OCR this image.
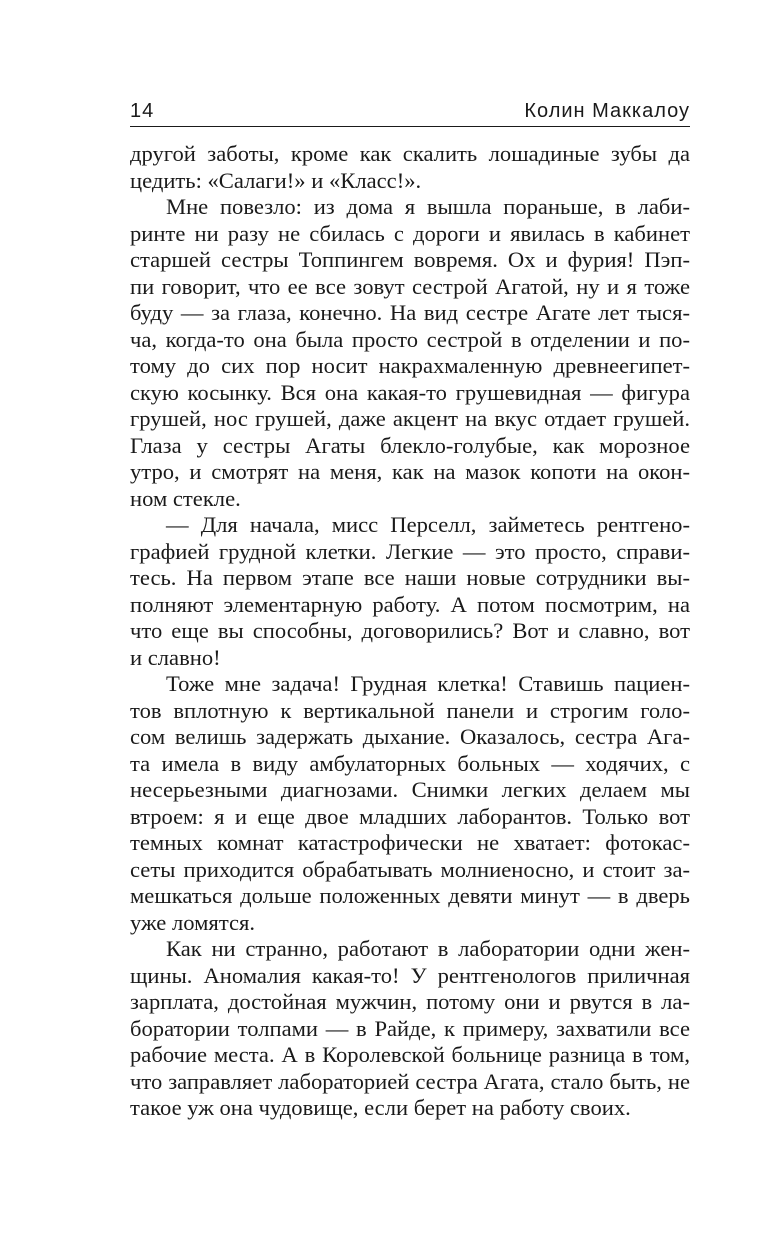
14	Колин Маккалоу
другой заботы, кроме как скалить лошадиные зубы да
цедить: «Салаги!» и «Класс!».
Мне повезло: из дома я вышла пораньше, в лаби-
ринте ни разу не сбилась с дороги и явилась в кабинет
старшей сестры Топпингем вовремя. Ох и фурия! Пэп-
пи говорит, что ее все зовут сестрой Агатой, ну и я тоже
буду — за глаза, конечно. На вид сестре Агате лет тыся-
ча, когда-то она была просто сестрой в отделении и по-
тому до сих пор носит накрахмаленную древнеегипет-
скую косынку. Вся она какая-то грушевидная — фигура
грушей, нос грушей, даже акцент на вкус отдает грушей.
Глаза у сестры Агаты блекло-голубые, как морозное
утро, и смотрят на меня, как на мазок копоти на окон-
ном стекле.
— Для начала, мисс Перселл, займетесь рентгено-
графией грудной клетки. Легкие — это просто, справи-
тесь. На первом этапе все наши новые сотрудники вы-
полняют элементарную работу. А потом посмотрим, на
что еще вы способны, договорились? Вот и славно, вот
и славно!
Тоже мне задача! Грудная клетка! Ставишь пациен-
тов вплотную к вертикальной панели и строгим голо-
сом велишь задержать дыхание. Оказалось, сестра Ага-
та имела в виду амбулаторных больных — ходячих, с
несерьезными диагнозами. Снимки легких делаем мы
втроем: я и еще двое младших лаборантов. Только вот
темных комнат катастрофически не хватает: фотокас-
сеты приходится обрабатывать молниеносно, и стоит за-
мешкаться дольше положенных девяти минут — в дверь
уже ломятся.
Как ни странно, работают в лаборатории одни жен-
щины. Аномалия какая-то! У рентгенологов приличная
зарплата, достойная мужчин, потому они и рвутся в ла-
боратории толпами — в Райде, к примеру, захватили все
рабочие места. А в Королевской больнице разница в том,
что заправляет лабораторией сестра Агата, стало быть, не
такое уж она чудовище, если берет на работу своих.
